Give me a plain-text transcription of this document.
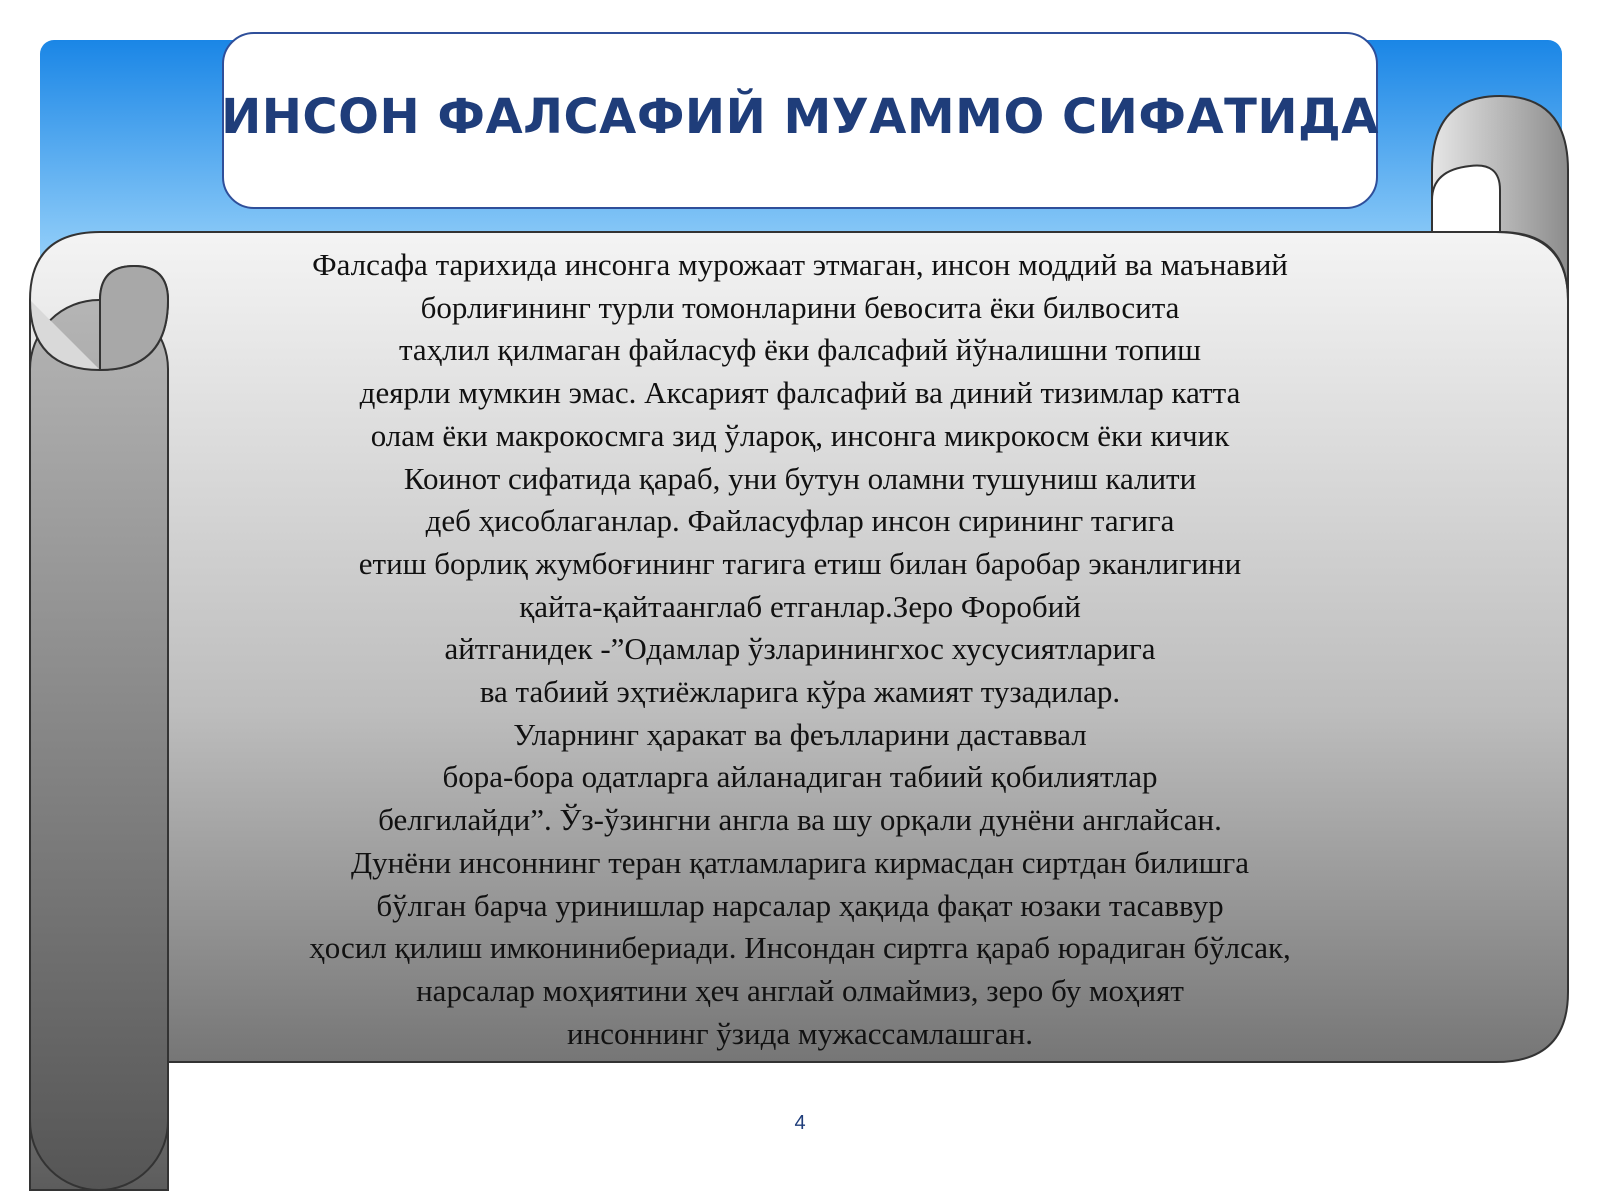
ИНСОН ФАЛСАФИЙ МУАММО СИФАТИДА
Фалсафа тарихида инсонга мурожаат этмаган, инсон моддий ва маънавий
борлиғининг турли томонларини бевосита ёки билвосита
таҳлил қилмаган файласуф ёки фалсафий йўналишни топиш
деярли мумкин эмас. Аксарият фалсафий ва диний тизимлар катта
олам ёки макрокосмга зид ўлароқ, инсонга микрокосм ёки кичик
Коинот сифатида қараб, уни бутун оламни тушуниш калити
деб ҳисоблаганлар. Файласуфлар инсон сирининг тагига
етиш борлиқ жумбоғининг тагига етиш билан баробар эканлигини
қайта-қайтаанглаб етганлар.Зеро Форобий
айтганидек -”Одамлар ўзларинингхос хусусиятларига
ва табиий эҳтиёжларига кўра жамият тузадилар.
Уларнинг ҳаракат ва феълларини даставвал
бора-бора одатларга айланадиган табиий қобилиятлар
белгилайди”. Ўз-ўзингни англа ва шу орқали дунёни англайсан.
Дунёни инсоннинг теран қатламларига кирмасдан сиртдан билишга
бўлган барча уринишлар нарсалар ҳақида фақат юзаки тасаввур
ҳосил қилиш имконинибериади. Инсондан сиртга қараб юрадиган бўлсак,
нарсалар моҳиятини ҳеч англай олмаймиз, зеро бу моҳият
инсоннинг ўзида мужассамлашган.
4
